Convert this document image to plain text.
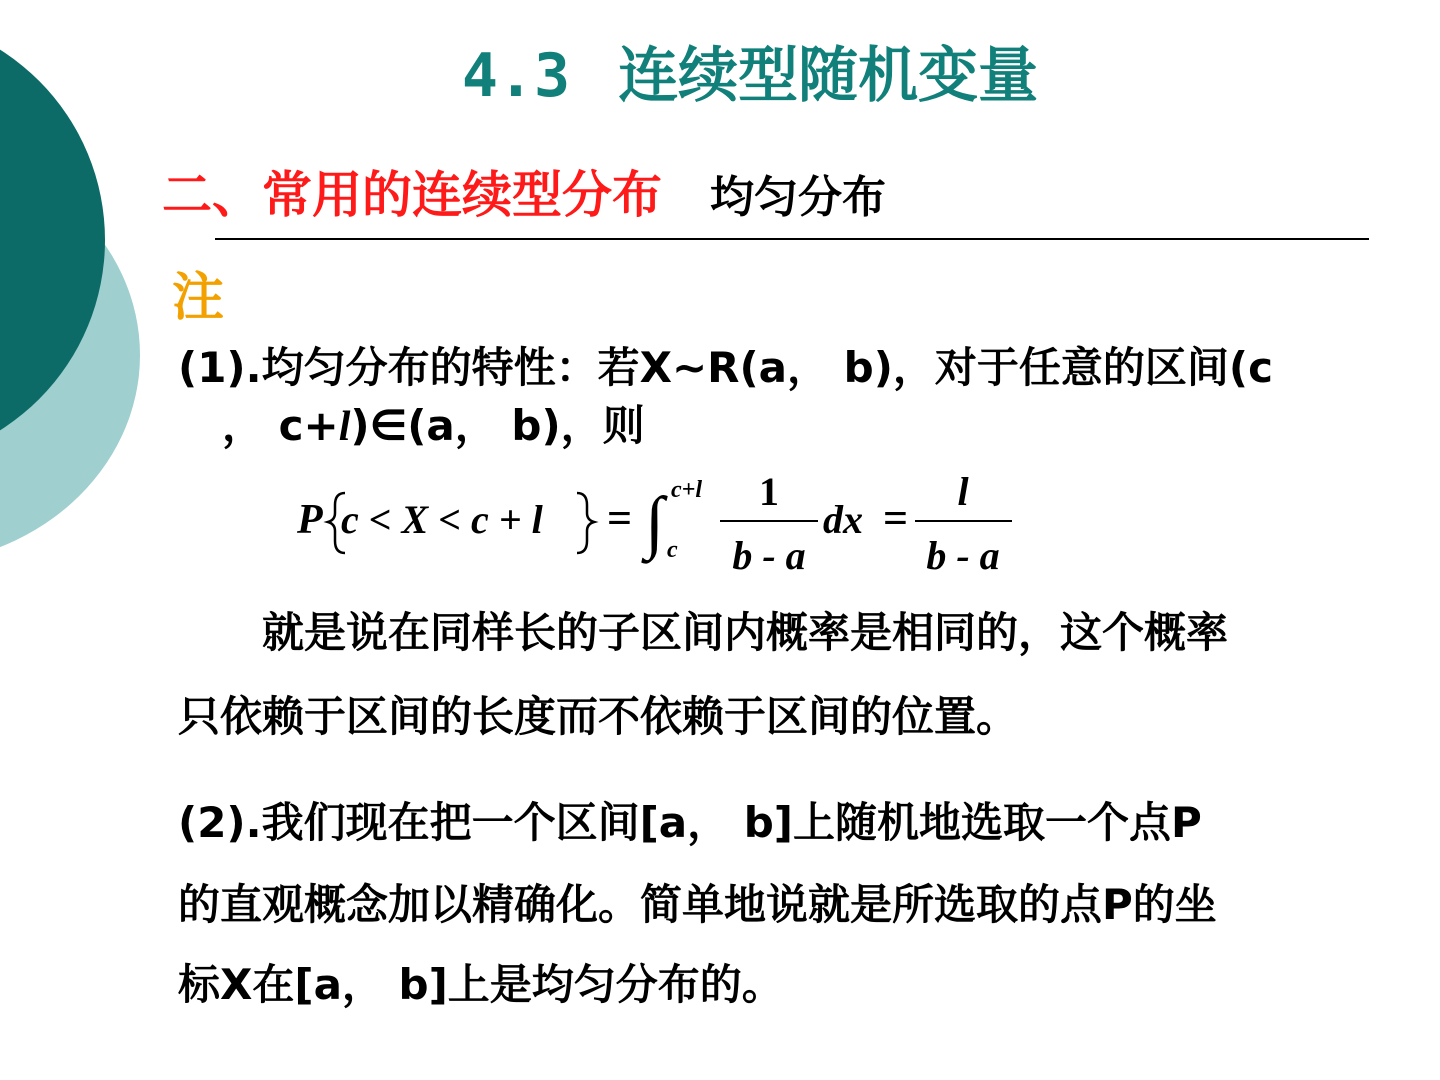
4.3 连续型随机变量
二、常用的连续型分布 均匀分布
注
(1).均匀分布的特性：若X~R(a， b)，对于任意的区间(c
， c+l)∈(a， b)，则
P c < X < c + l = ∫ c+l
c
1
b - a
dx =
l
b - a
就是说在同样长的子区间内概率是相同的，这个概率
只依赖于区间的长度而不依赖于区间的位置。
(2).我们现在把一个区间[a， b]上随机地选取一个点P
的直观概念加以精确化。简单地说就是所选取的点P的坐
标X在[a， b]上是均匀分布的。
